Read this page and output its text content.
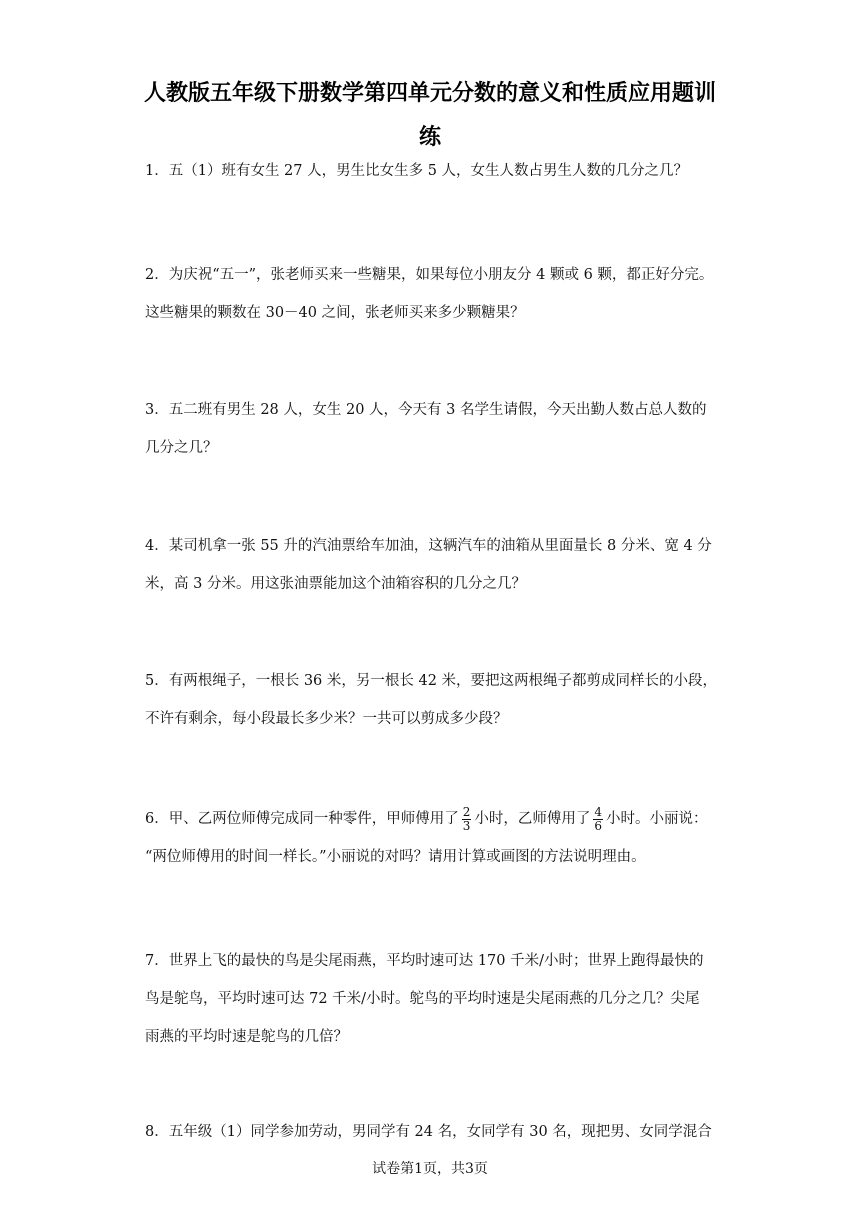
人教版五年级下册数学第四单元分数的意义和性质应用题训
练
1．五（1）班有女生 27 人，男生比女生多 5 人，女生人数占男生人数的几分之几？
2．为庆祝“五一”，张老师买来一些糖果，如果每位小朋友分 4 颗或 6 颗，都正好分完。
这些糖果的颗数在 30－40 之间，张老师买来多少颗糖果？
3．五二班有男生 28 人，女生 20 人，今天有 3 名学生请假，今天出勤人数占总人数的
几分之几？
4．某司机拿一张 55 升的汽油票给车加油，这辆汽车的油箱从里面量长 8 分米、宽 4 分
米，高 3 分米。用这张油票能加这个油箱容积的几分之几？
5．有两根绳子，一根长 36 米，另一根长 42 米，要把这两根绳子都剪成同样长的小段，
不许有剩余，每小段最长多少米？一共可以剪成多少段？
6．甲、乙两位师傅完成同一种零件，甲师傅用了 $\frac{2}{3}$ 小时，乙师傅用了 $\frac{4}{6}$ 小时。小丽说：
“两位师傅用的时间一样长。”小丽说的对吗？请用计算或画图的方法说明理由。
7．世界上飞的最快的鸟是尖尾雨燕，平均时速可达 170 千米/小时；世界上跑得最快的
鸟是鸵鸟，平均时速可达 72 千米/小时。鸵鸟的平均时速是尖尾雨燕的几分之几？尖尾
雨燕的平均时速是鸵鸟的几倍？
8．五年级（1）同学参加劳动，男同学有 24 名，女同学有 30 名，现把男、女同学混合
试卷第1页，共3页
